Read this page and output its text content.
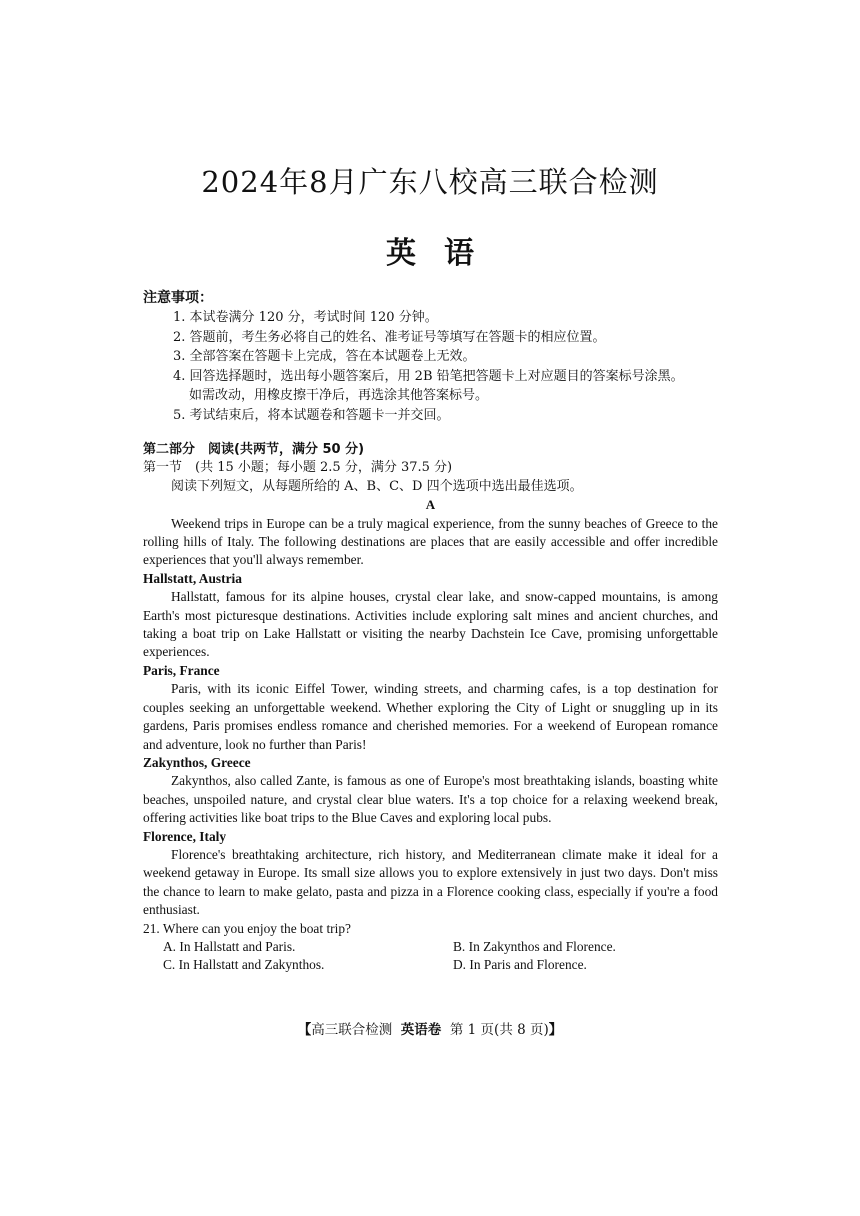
2024年8月广东八校高三联合检测
英语
注意事项：
1. 本试卷满分 120 分，考试时间 120 分钟。
2. 答题前，考生务必将自己的姓名、准考证号等填写在答题卡的相应位置。
3. 全部答案在答题卡上完成，答在本试题卷上无效。
4. 回答选择题时，选出每小题答案后，用 2B 铅笔把答题卡上对应题目的答案标号涂黑。
如需改动，用橡皮擦干净后，再选涂其他答案标号。
5. 考试结束后，将本试题卷和答题卡一并交回。
第二部分　阅读(共两节，满分 50 分)
第一节　(共 15 小题；每小题 2.5 分，满分 37.5 分)
阅读下列短文，从每题所给的 A、B、C、D 四个选项中选出最佳选项。
A
Weekend trips in Europe can be a truly magical experience, from the sunny beaches of Greece to the rolling hills of Italy. The following destinations are places that are easily accessible and offer incredible experiences that you'll always remember.
Hallstatt, Austria
Hallstatt, famous for its alpine houses, crystal clear lake, and snow-capped mountains, is among Earth's most picturesque destinations. Activities include exploring salt mines and ancient churches, and taking a boat trip on Lake Hallstatt or visiting the nearby Dachstein Ice Cave, promising unforgettable experiences.
Paris, France
Paris, with its iconic Eiffel Tower, winding streets, and charming cafes, is a top destination for couples seeking an unforgettable weekend. Whether exploring the City of Light or snuggling up in its gardens, Paris promises endless romance and cherished memories. For a weekend of European romance and adventure, look no further than Paris!
Zakynthos, Greece
Zakynthos, also called Zante, is famous as one of Europe's most breathtaking islands, boasting white beaches, unspoiled nature, and crystal clear blue waters. It's a top choice for a relaxing weekend break, offering activities like boat trips to the Blue Caves and exploring local pubs.
Florence, Italy
Florence's breathtaking architecture, rich history, and Mediterranean climate make it ideal for a weekend getaway in Europe. Its small size allows you to explore extensively in just two days. Don't miss the chance to learn to make gelato, pasta and pizza in a Florence cooking class, especially if you're a food enthusiast.
21. Where can you enjoy the boat trip?
A. In Hallstatt and Paris.	B. In Zakynthos and Florence.
C. In Hallstatt and Zakynthos.	D. In Paris and Florence.
【高三联合检测 英语卷 第 1 页(共 8 页)】
